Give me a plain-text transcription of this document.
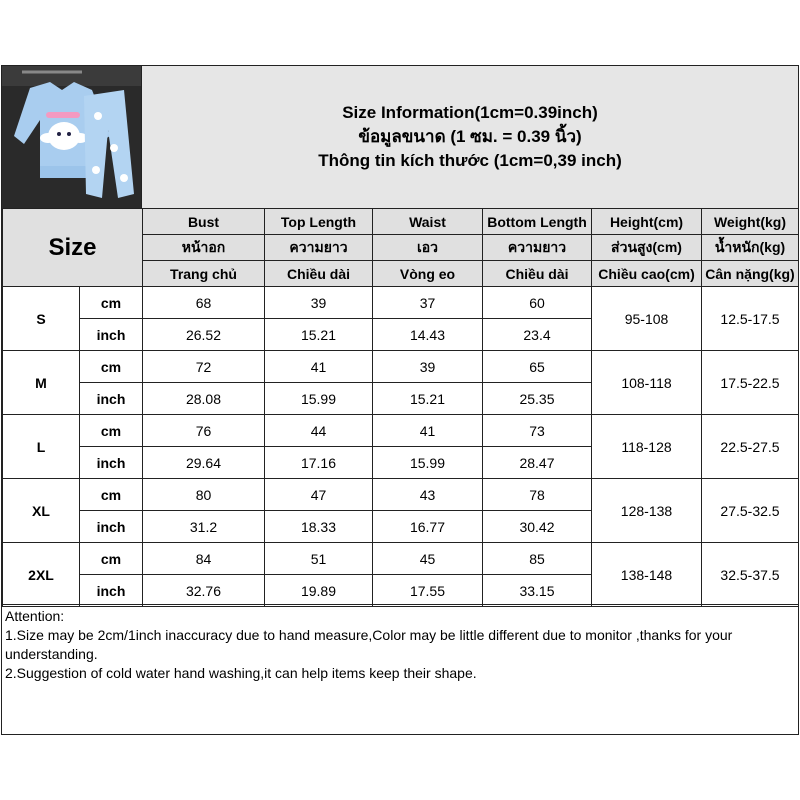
Size Information(1cm=0.39inch)
ข้อมูลขนาด (1 ซม. = 0.39 นิ้ว)
Thông tin kích thước (1cm=0,39 inch)
Size		Bust	Top Length	Waist	Bottom Length	Height(cm)	Weight(kg)
		หน้าอก	ความยาว	เอว	ความยาว	ส่วนสูง(cm)	น้ำหนัก(kg)
		Trang chủ	Chiều dài	Vòng eo	Chiều dài	Chiều cao(cm)	Cân nặng(kg)
S	cm	68	39	37	60	95-108	12.5-17.5
	inch	26.52	15.21	14.43	23.4		
M	cm	72	41	39	65	108-118	17.5-22.5
	inch	28.08	15.99	15.21	25.35		
L	cm	76	44	41	73	118-128	22.5-27.5
	inch	29.64	17.16	15.99	28.47		
XL	cm	80	47	43	78	128-138	27.5-32.5
	inch	31.2	18.33	16.77	30.42		
2XL	cm	84	51	45	85	138-148	32.5-37.5
	inch	32.76	19.89	17.55	33.15		
Attention:
1.Size may be 2cm/1inch inaccuracy due to hand measure,Color may be little different due to monitor ,thanks for your understanding.
2.Suggestion of cold water hand washing,it can help items keep their shape.
